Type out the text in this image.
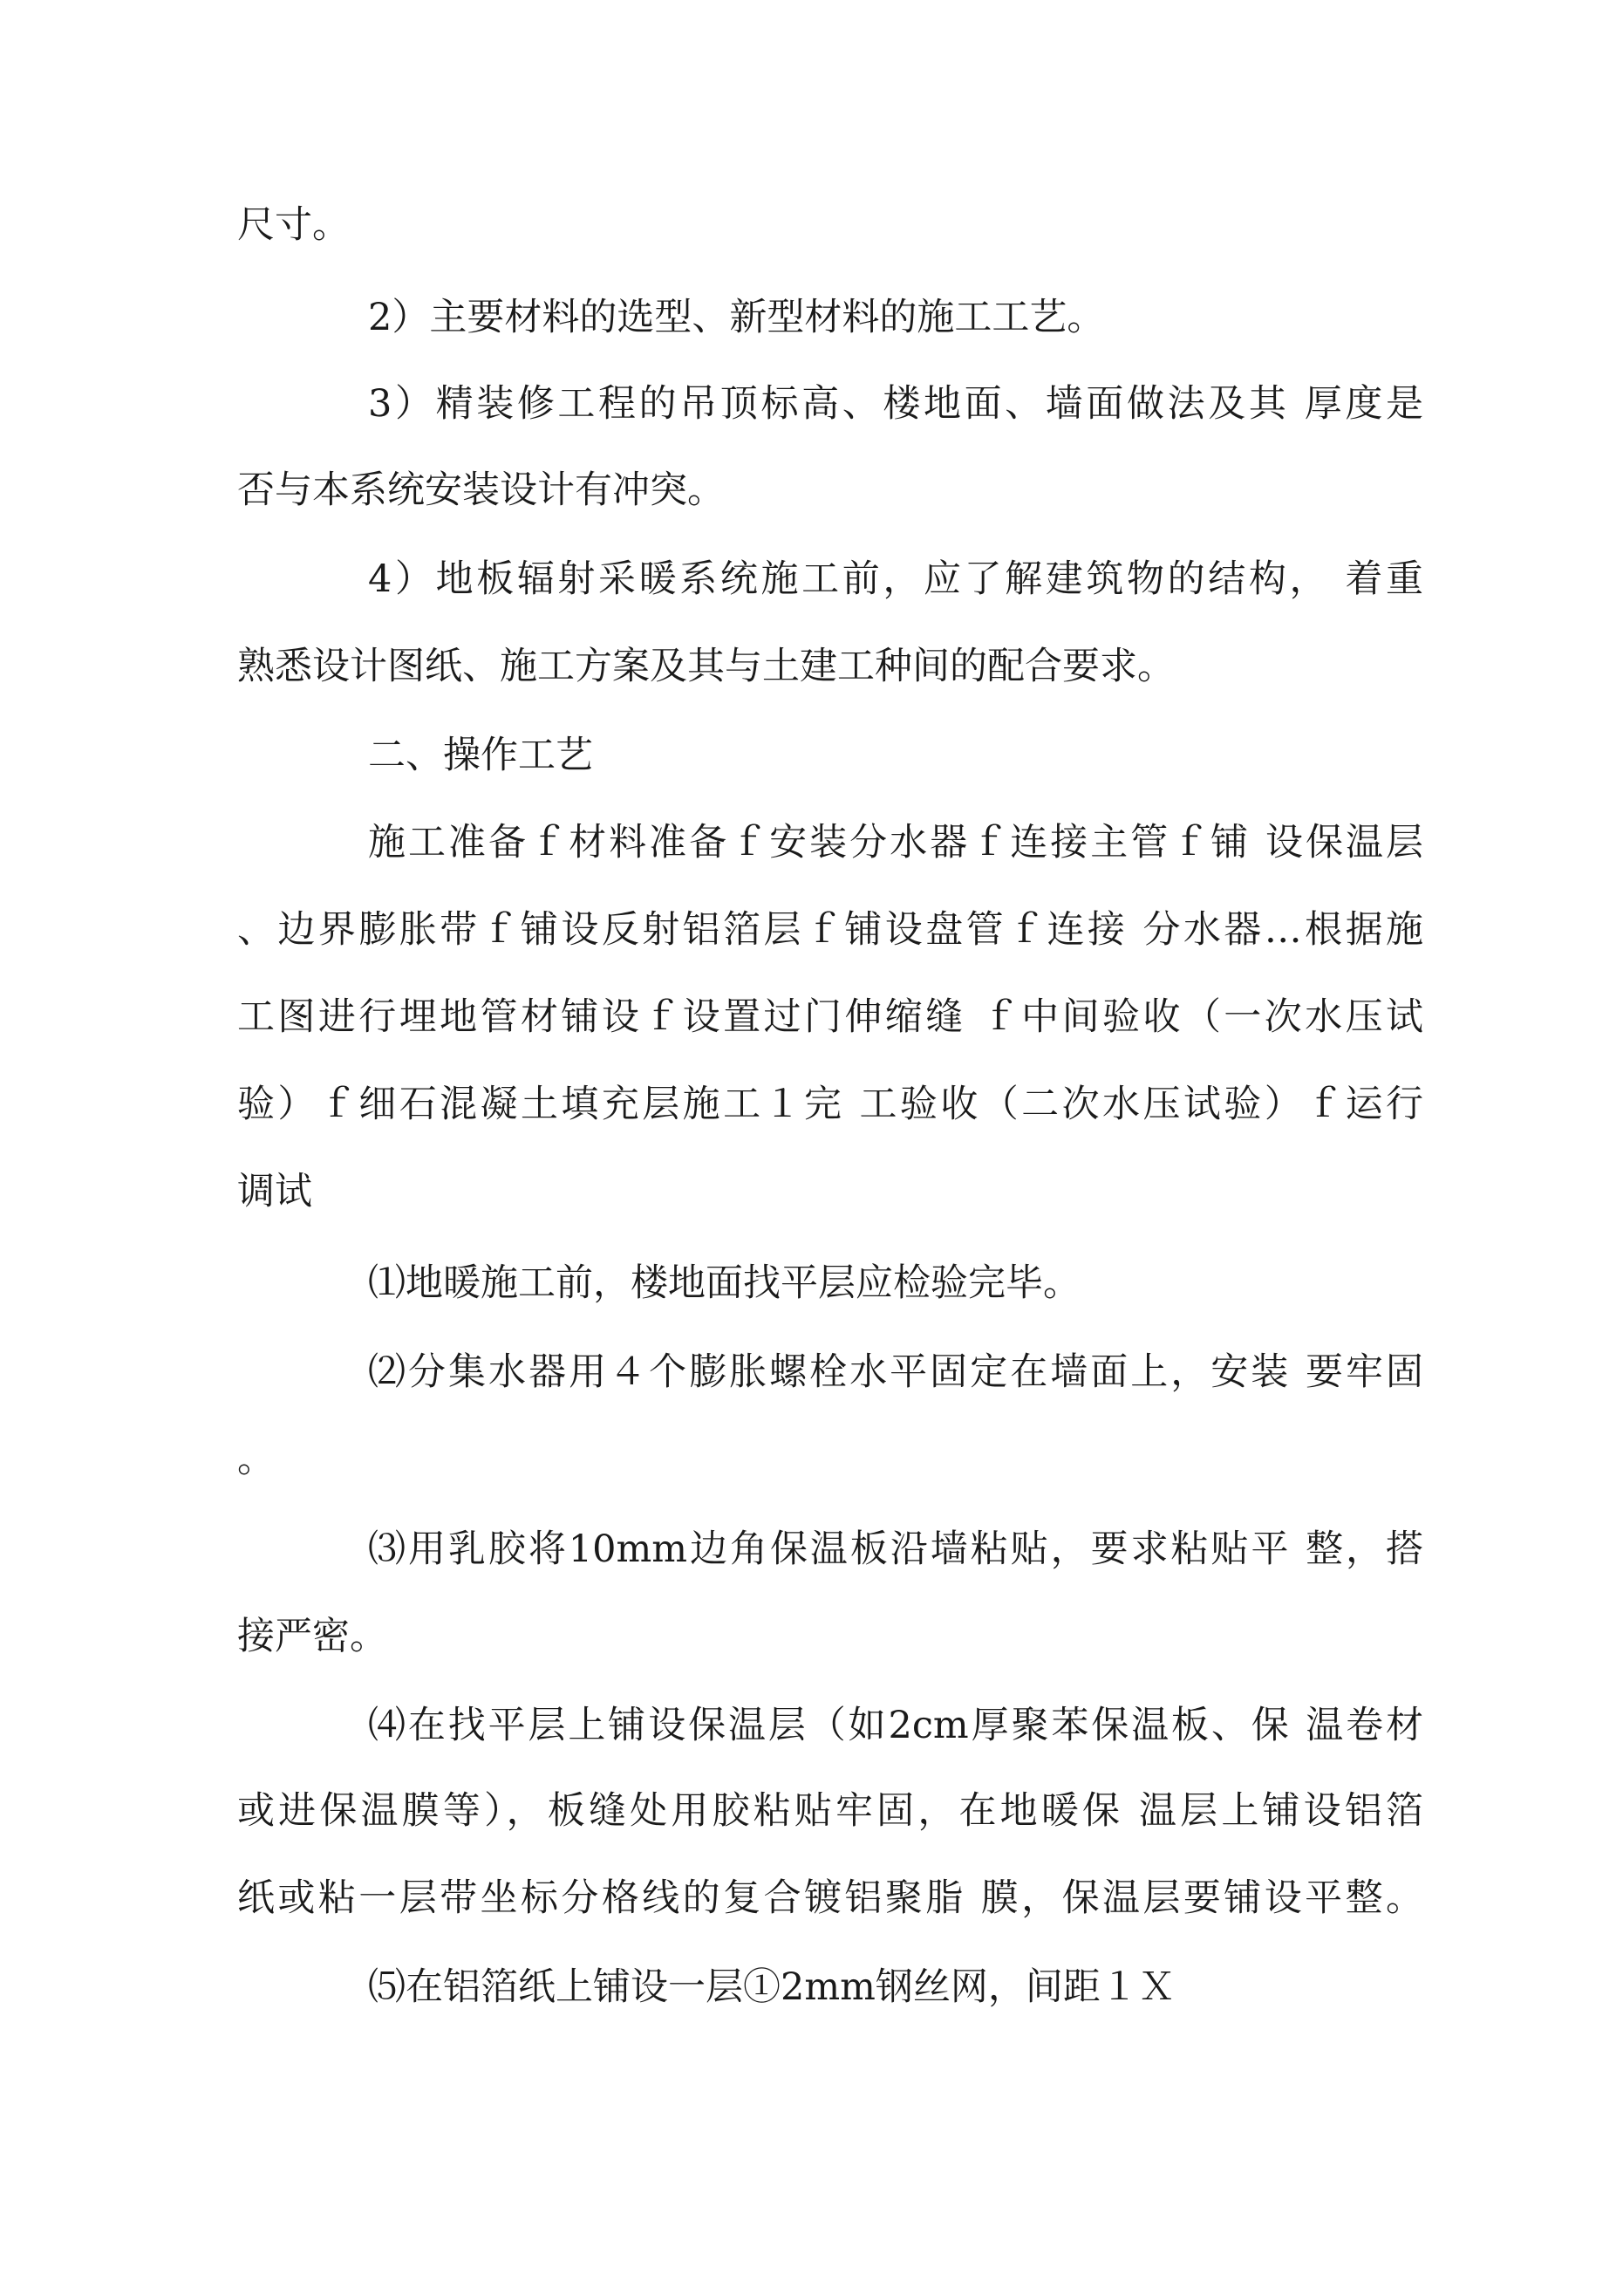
尺寸。

2）主要材料的选型、新型材料的施工工艺。

3）精装修工程的吊顶标高、楼地面、墙面做法及其 厚度是

否与本系统安装设计有冲突。

4）地板辐射采暖系统施工前，应了解建筑物的结构， 着重

熟悉设计图纸、施工方案及其与土建工种间的配合要求。

二、操作工艺

施工准备ｆ材料准备ｆ安装分水器ｆ连接主管ｆ铺 设保温层

、边界膨胀带ｆ铺设反射铝箔层ｆ铺设盘管ｆ连接 分水器…根据施

工图进行埋地管材铺设ｆ设置过门伸缩缝 ｆ中间验收（一次水压试

验）ｆ细石混凝土填充层施工１完 工验收（二次水压试验）ｆ运行

调试

⑴地暖施工前，楼地面找平层应检验完毕。

⑵分集水器用４个膨胀螺栓水平固定在墙面上，安装 要牢固

。

⑶用乳胶将10mm边角保温板沿墙粘贴，要求粘贴平 整，搭

接严密。

⑷在找平层上铺设保温层（如2cm厚聚苯保温板、保 温卷材

或进保温膜等），板缝处用胶粘贴牢固，在地暖保 温层上铺设铝箔

纸或粘一层带坐标分格线的复合镀铝聚脂 膜，保温层要铺设平整。

⑸在铝箔纸上铺设一层①2mm钢丝网，间距１Ｘ
